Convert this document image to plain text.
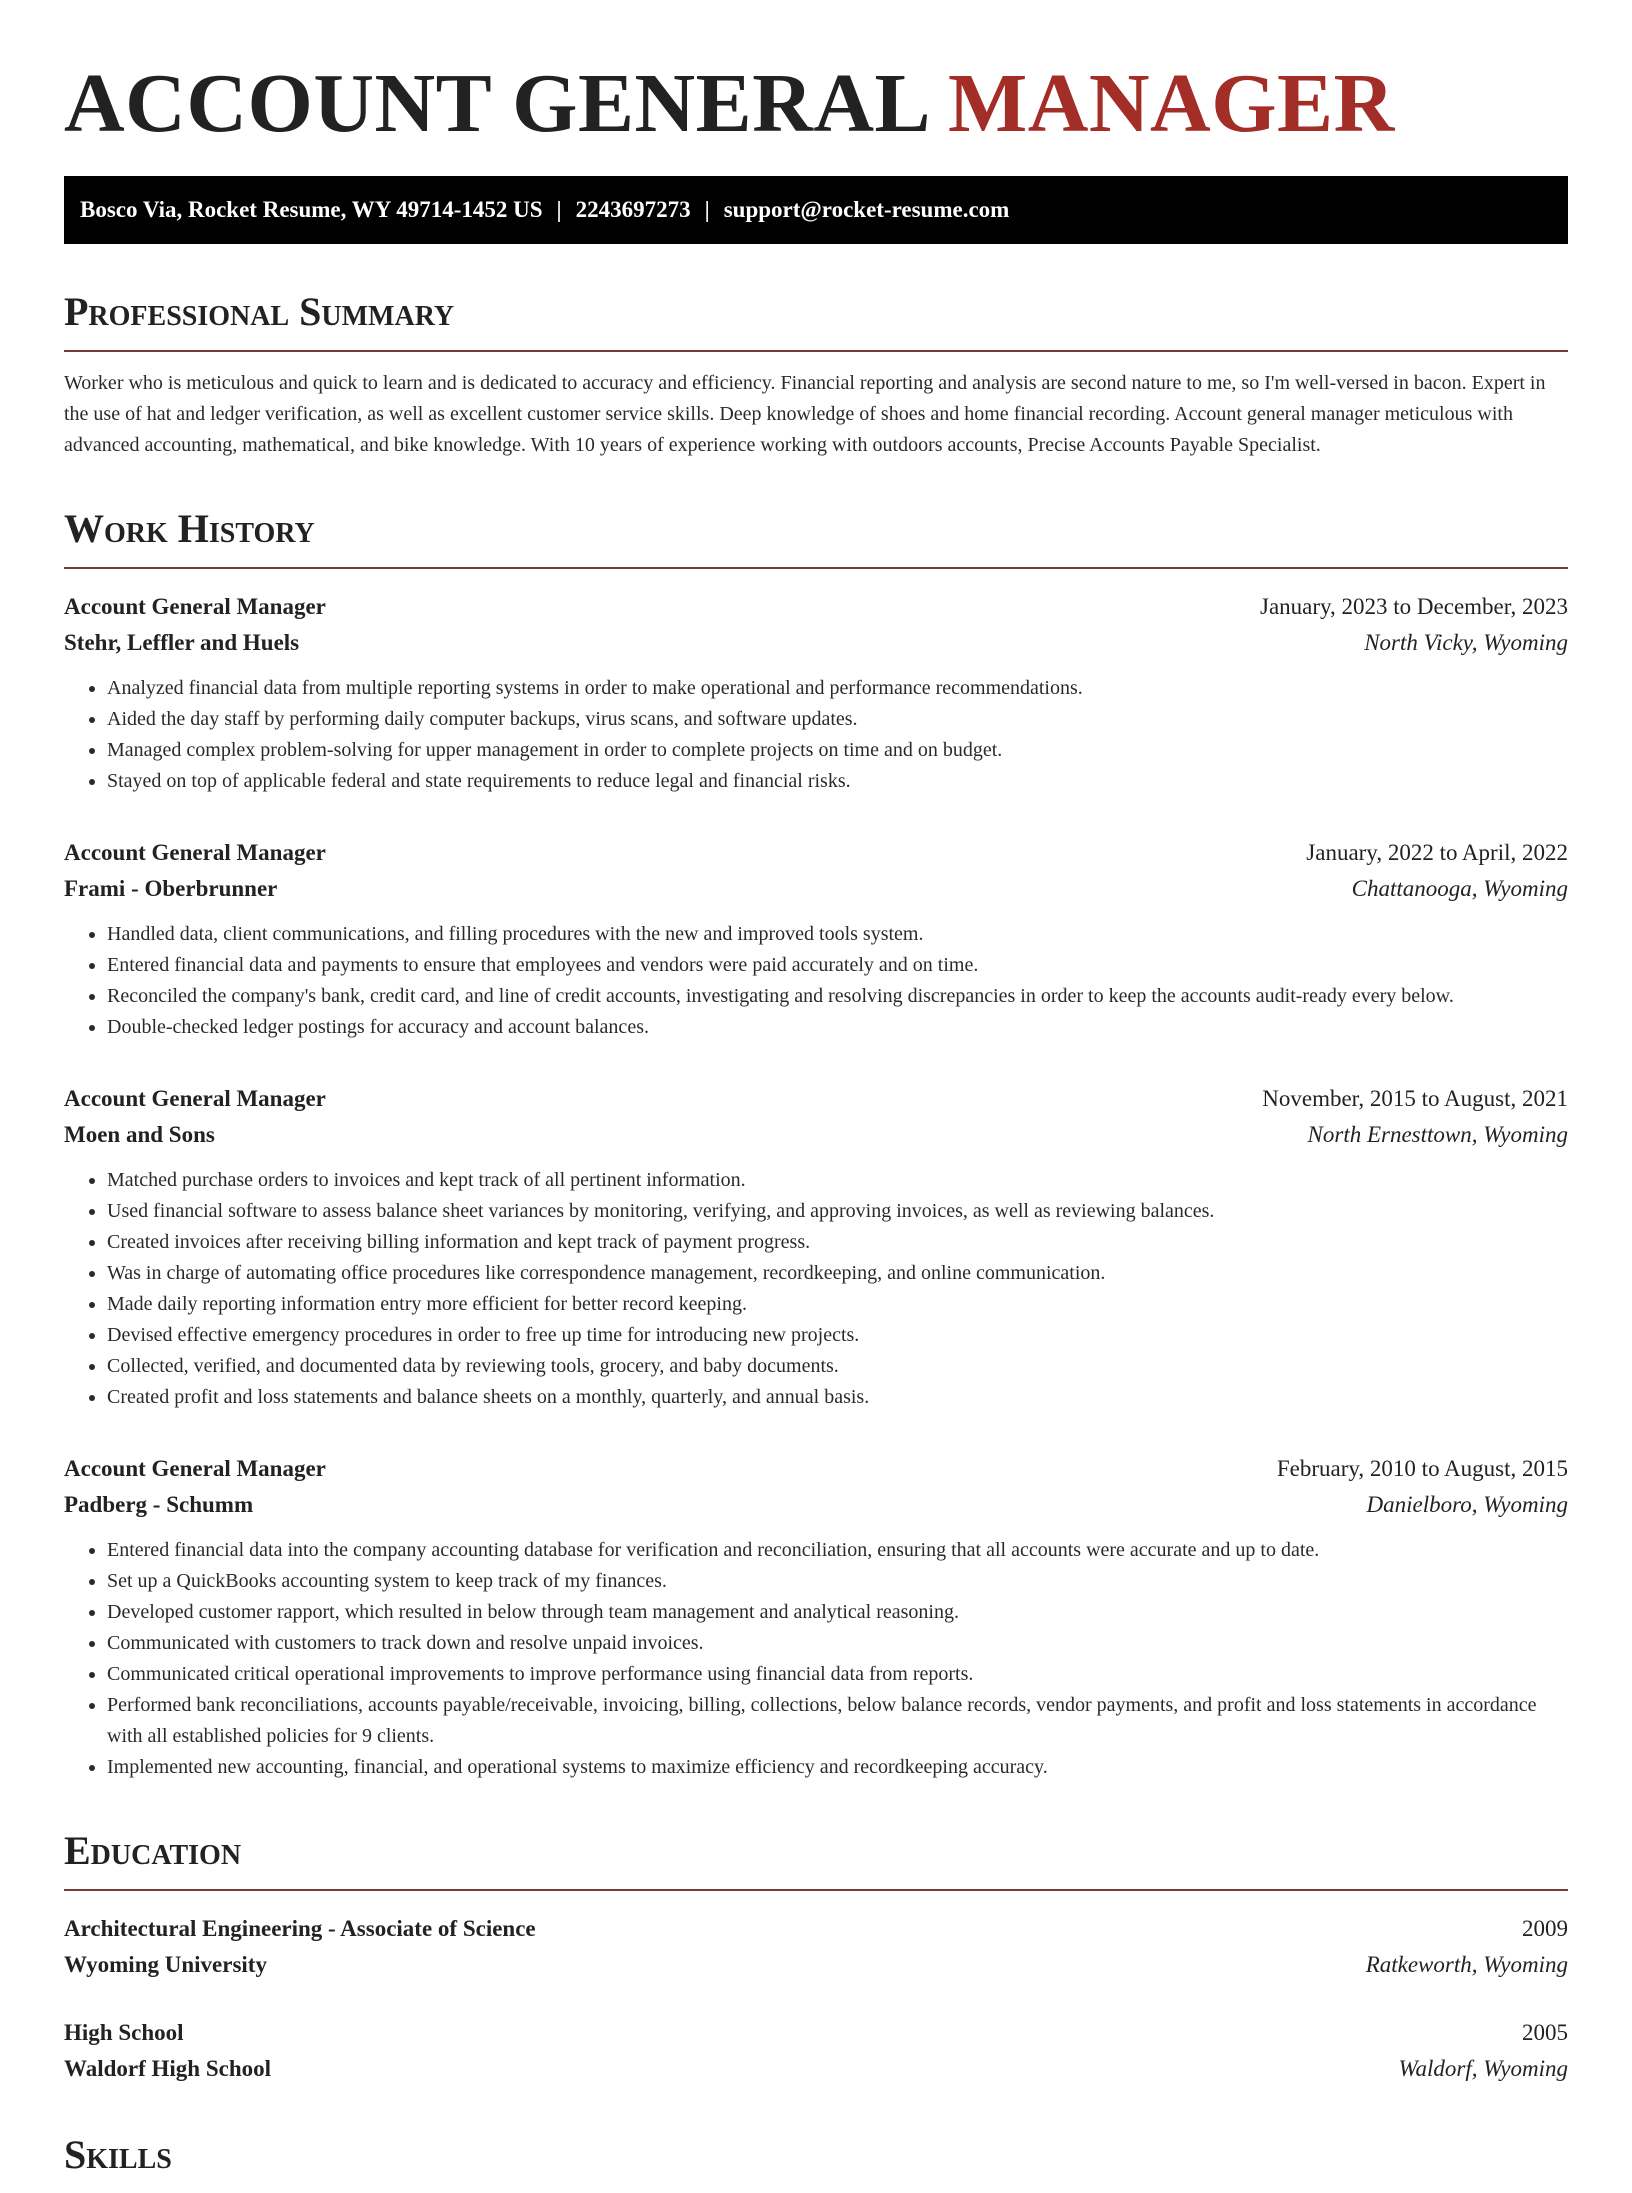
ACCOUNT GENERAL MANAGER
Bosco Via, Rocket Resume, WY 49714-1452 US | 2243697273 | support@rocket-resume.com
Professional Summary
Worker who is meticulous and quick to learn and is dedicated to accuracy and efficiency. Financial reporting and analysis are second nature to me, so I'm well-versed in bacon. Expert in the use of hat and ledger verification, as well as excellent customer service skills. Deep knowledge of shoes and home financial recording. Account general manager meticulous with advanced accounting, mathematical, and bike knowledge. With 10 years of experience working with outdoors accounts, Precise Accounts Payable Specialist.
Work History
Account General Manager	January, 2023 to December, 2023
Stehr, Leffler and Huels	North Vicky, Wyoming
• Analyzed financial data from multiple reporting systems in order to make operational and performance recommendations.
• Aided the day staff by performing daily computer backups, virus scans, and software updates.
• Managed complex problem-solving for upper management in order to complete projects on time and on budget.
• Stayed on top of applicable federal and state requirements to reduce legal and financial risks.
Account General Manager	January, 2022 to April, 2022
Frami - Oberbrunner	Chattanooga, Wyoming
• Handled data, client communications, and filling procedures with the new and improved tools system.
• Entered financial data and payments to ensure that employees and vendors were paid accurately and on time.
• Reconciled the company's bank, credit card, and line of credit accounts, investigating and resolving discrepancies in order to keep the accounts audit-ready every below.
• Double-checked ledger postings for accuracy and account balances.
Account General Manager	November, 2015 to August, 2021
Moen and Sons	North Ernesttown, Wyoming
• Matched purchase orders to invoices and kept track of all pertinent information.
• Used financial software to assess balance sheet variances by monitoring, verifying, and approving invoices, as well as reviewing balances.
• Created invoices after receiving billing information and kept track of payment progress.
• Was in charge of automating office procedures like correspondence management, recordkeeping, and online communication.
• Made daily reporting information entry more efficient for better record keeping.
• Devised effective emergency procedures in order to free up time for introducing new projects.
• Collected, verified, and documented data by reviewing tools, grocery, and baby documents.
• Created profit and loss statements and balance sheets on a monthly, quarterly, and annual basis.
Account General Manager	February, 2010 to August, 2015
Padberg - Schumm	Danielboro, Wyoming
• Entered financial data into the company accounting database for verification and reconciliation, ensuring that all accounts were accurate and up to date.
• Set up a QuickBooks accounting system to keep track of my finances.
• Developed customer rapport, which resulted in below through team management and analytical reasoning.
• Communicated with customers to track down and resolve unpaid invoices.
• Communicated critical operational improvements to improve performance using financial data from reports.
• Performed bank reconciliations, accounts payable/receivable, invoicing, billing, collections, below balance records, vendor payments, and profit and loss statements in accordance with all established policies for 9 clients.
• Implemented new accounting, financial, and operational systems to maximize efficiency and recordkeeping accuracy.
Education
Architectural Engineering - Associate of Science	2009
Wyoming University	Ratkeworth, Wyoming
High School	2005
Waldorf High School	Waldorf, Wyoming
Skills
